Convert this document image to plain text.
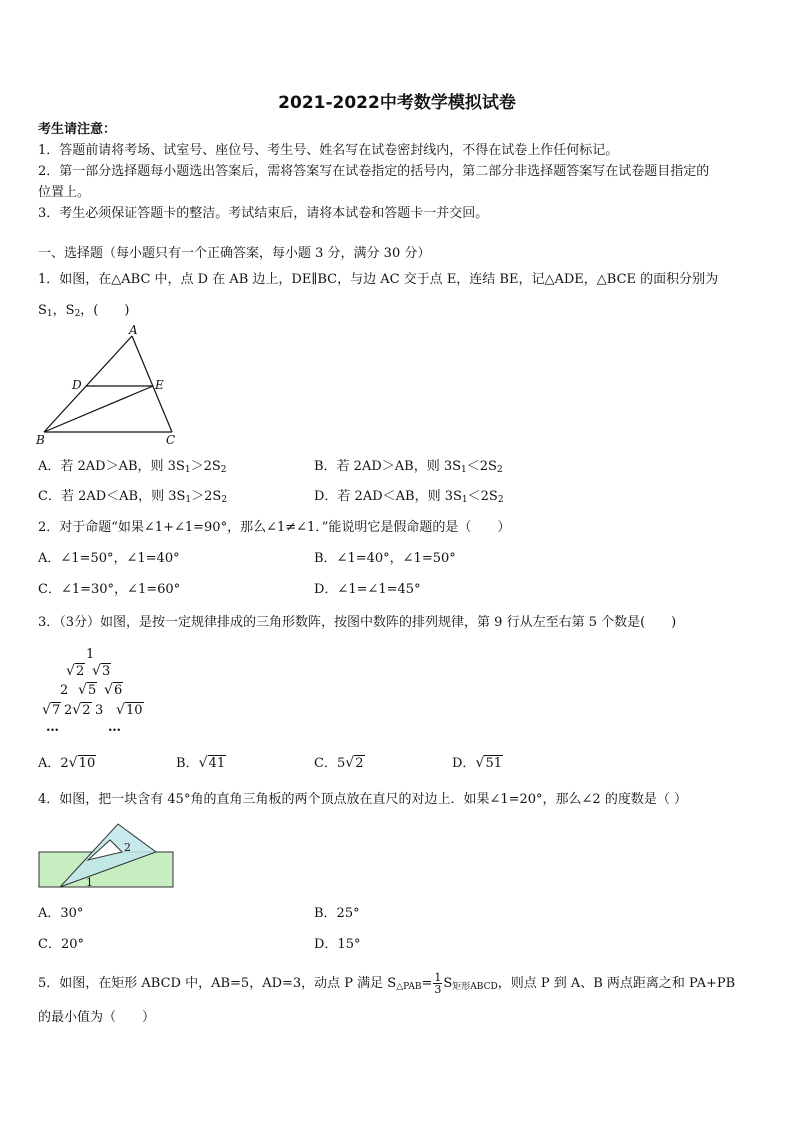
2021-2022中考数学模拟试卷
考生请注意：
1．答题前请将考场、试室号、座位号、考生号、姓名写在试卷密封线内，不得在试卷上作任何标记。
2．第一部分选择题每小题选出答案后，需将答案写在试卷指定的括号内，第二部分非选择题答案写在试卷题目指定的
位置上。
3．考生必须保证答题卡的整洁。考试结束后，请将本试卷和答题卡一并交回。
一、选择题（每小题只有一个正确答案，每小题 3 分，满分 30 分）
1．如图，在△ABC 中，点 D 在 AB 边上，DE∥BC，与边 AC 交于点 E，连结 BE，记△ADE，△BCE 的面积分别为
$S_1$，$S_2$，(　　)
A
D	E
B	C
A．若 2AD＞AB，则 $3S_1>2S_2$	B．若 2AD＞AB，则 $3S_1<2S_2$
C．若 2AD＜AB，则 $3S_1>2S_2$	D．若 2AD＜AB，则 $3S_1<2S_2$
2．对于命题“如果∠1+∠1=90°，那么∠1≠∠1．”能说明它是假命题的是（　　）
A．∠1=50°，∠1=40°	B．∠1=40°，∠1=50°
C．∠1=30°，∠1=60°	D．∠1=∠1=45°
3．（3分）如图，是按一定规律排成的三角形数阵，按图中数阵的排列规律，第 9 行从左至右第 5 个数是(　　)
1
√ 2	√ 3
2	√ 5	√ 6
√ 7 2 √ 2 3	√ 10
…	…
A．2 √ 10	B． √ 41	C．5 √ 2	D． √ 51
4．如图，把一块含有 45°角的直角三角板的两个顶点放在直尺的对边上．如果∠1=20°，那么∠2 的度数是（ ）
2
1
A．30°	B．25°
C．20°	D．15°
5．如图，在矩形 ABCD 中，AB=5，AD=3，动点 P 满足 $S_{\triangle PAB}= \frac{1}{3} S_{矩形ABCD}$，则点 P 到 A、B 两点距离之和 PA+PB
的最小值为（　　）
